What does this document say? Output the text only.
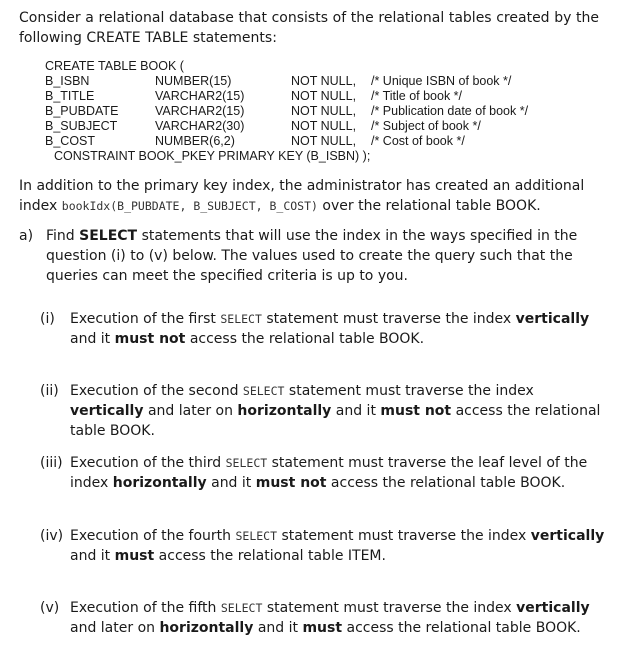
Consider a relational database that consists of the relational tables created by the following CREATE TABLE statements:
CREATE TABLE BOOK (
B_ISBN	NUMBER(15)	NOT NULL, /* Unique ISBN of book */
B_TITLE	VARCHAR2(15)	NOT NULL, /* Title of book */
B_PUBDATE	VARCHAR2(15)	NOT NULL, /* Publication date of book */
B_SUBJECT	VARCHAR2(30)	NOT NULL, /* Subject of book */
B_COST	NUMBER(6,2)	NOT NULL, /* Cost of book */
CONSTRAINT BOOK_PKEY PRIMARY KEY (B_ISBN) );
In addition to the primary key index, the administrator has created an additional index bookIdx(B_PUBDATE, B_SUBJECT, B_COST) over the relational table BOOK.
a) Find SELECT statements that will use the index in the ways specified in the question (i) to (v) below. The values used to create the query such that the queries can meet the specified criteria is up to you.
(i) Execution of the first SELECT statement must traverse the index vertically and it must not access the relational table BOOK.
(ii) Execution of the second SELECT statement must traverse the index vertically and later on horizontally and it must not access the relational table BOOK.
(iii) Execution of the third SELECT statement must traverse the leaf level of the index horizontally and it must not access the relational table BOOK.
(iv) Execution of the fourth SELECT statement must traverse the index vertically and it must access the relational table ITEM.
(v) Execution of the fifth SELECT statement must traverse the index vertically and later on horizontally and it must access the relational table BOOK.
